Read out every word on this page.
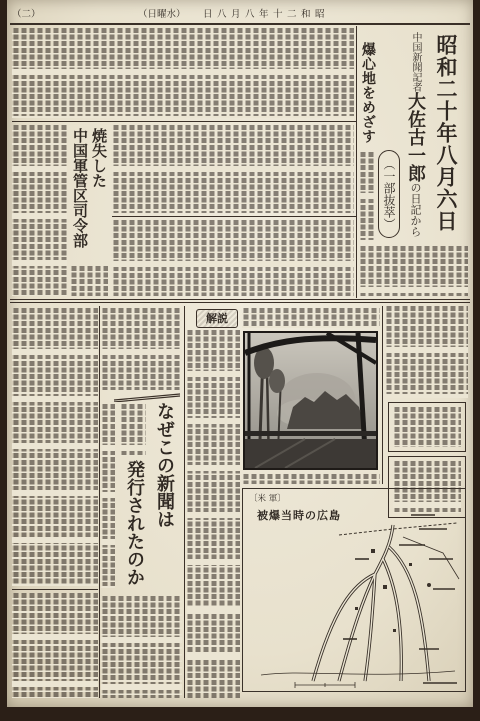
（二）	（水曜日） 昭和二十年八月八日
昭和二十年八月六日
中国新聞記者大佐古一郎の日記から
（一部抜萃）
爆心地をめざす
焼失した
中国軍管区司令部
なぜこの新聞は
発行されたのか
解説
〔米 軍〕
被爆当時の広島
